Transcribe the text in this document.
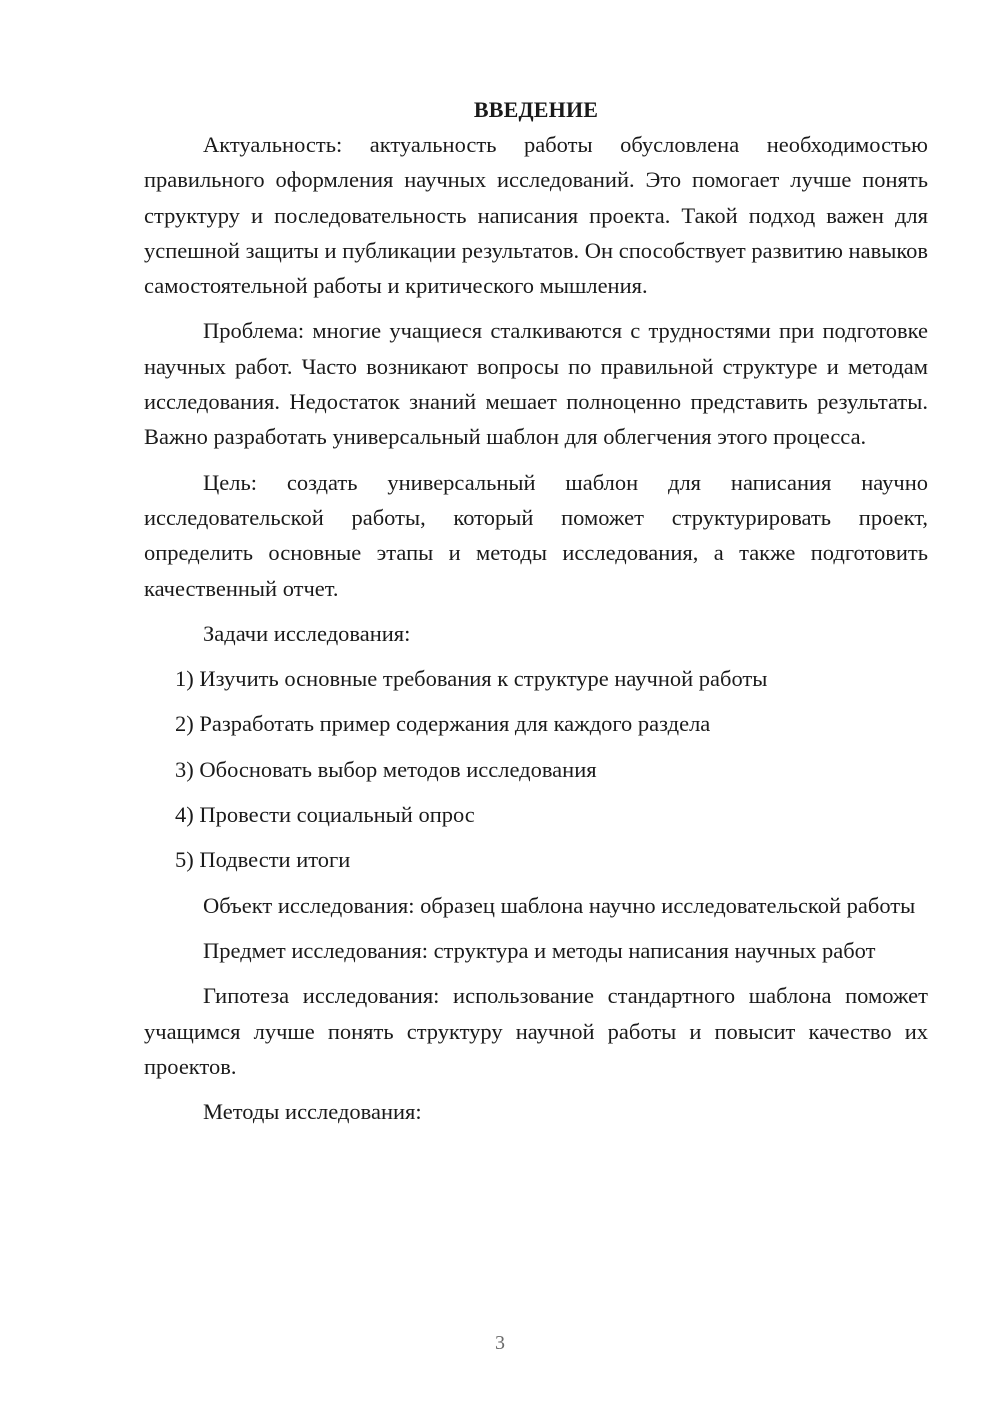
ВВЕДЕНИЕ

Актуальность: актуальность работы обусловлена необходимостью правильного оформления научных исследований. Это помогает лучше понять структуру и последовательность написания проекта. Такой подход важен для успешной защиты и публикации результатов. Он способствует развитию навыков самостоятельной работы и критического мышления.

Проблема: многие учащиеся сталкиваются с трудностями при подготовке научных работ. Часто возникают вопросы по правильной структуре и методам исследования. Недостаток знаний мешает полноценно представить результаты. Важно разработать универсальный шаблон для облегчения этого процесса.

Цель: создать универсальный шаблон для написания научно исследовательской работы, который поможет структурировать проект, определить основные этапы и методы исследования, а также подготовить качественный отчет.

Задачи исследования:

1) Изучить основные требования к структуре научной работы
2) Разработать пример содержания для каждого раздела
3) Обосновать выбор методов исследования
4) Провести социальный опрос
5) Подвести итоги

Объект исследования: образец шаблона научно исследовательской работы

Предмет исследования: структура и методы написания научных работ

Гипотеза исследования: использование стандартного шаблона поможет учащимся лучше понять структуру научной работы и повысит качество их проектов.

Методы исследования:

3
